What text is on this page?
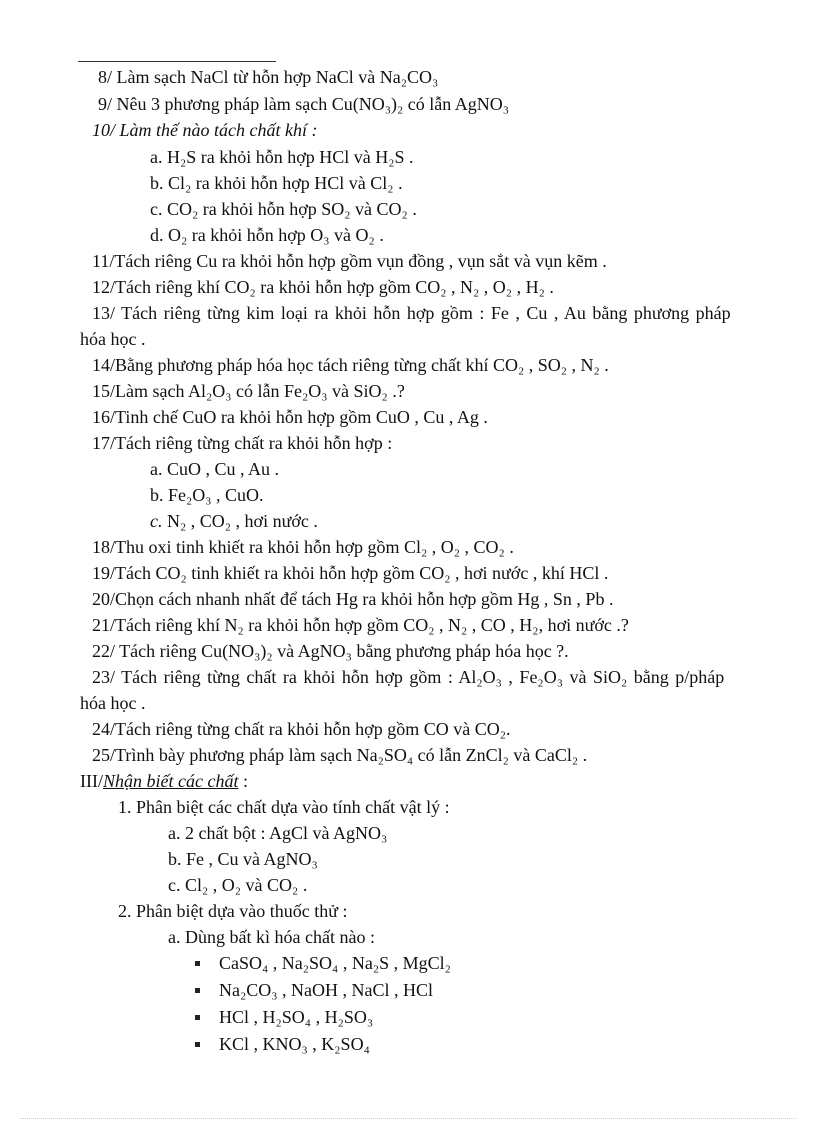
8/ Làm sạch NaCl từ hỗn hợp NaCl và Na₂CO₃
9/ Nêu 3 phương pháp làm sạch Cu(NO₃)₂ có lẫn AgNO₃
10/ Làm thế nào tách chất khí :
a. H₂S ra khỏi hỗn hợp HCl và H₂S .
b. Cl₂ ra khỏi hỗn hợp HCl và Cl₂ .
c. CO₂ ra khỏi hỗn hợp SO₂ và CO₂ .
d. O₂ ra khỏi hỗn hợp O₃ và O₂ .
11/Tách riêng Cu ra khỏi hỗn hợp gồm vụn đồng , vụn sắt và vụn kẽm .
12/Tách riêng khí CO₂ ra khỏi hỗn hợp gồm CO₂ , N₂ , O₂ , H₂ .
13/ Tách riêng từng kim loại ra khỏi hỗn hợp gồm : Fe , Cu , Au bằng phương pháp
hóa học .
14/Bằng phương pháp hóa học tách riêng từng chất khí CO₂ , SO₂ , N₂ .
15/Làm sạch Al₂O₃ có lẫn Fe₂O₃ và SiO₂ .?
16/Tinh chế CuO ra khỏi hỗn hợp gồm CuO , Cu , Ag .
17/Tách riêng từng chất ra khỏi hỗn hợp :
a. CuO , Cu , Au .
b. Fe₂O₃ , CuO.
c. N₂ , CO₂ , hơi nước .
18/Thu oxi tinh khiết ra khỏi hỗn hợp gồm Cl₂ , O₂ , CO₂ .
19/Tách CO₂ tinh khiết ra khỏi hỗn hợp gồm CO₂ , hơi nước , khí HCl .
20/Chọn cách nhanh nhất để tách Hg ra khỏi hỗn hợp gồm Hg , Sn , Pb .
21/Tách riêng khí N₂ ra khỏi hỗn hợp gồm CO₂ , N₂ , CO , H₂, hơi nước .?
22/ Tách riêng Cu(NO₃)₂ và AgNO₃ bằng phương pháp hóa học ?.
23/ Tách riêng từng chất ra khỏi hỗn hợp gồm : Al₂O₃ , Fe₂O₃ và SiO₂ bằng p/pháp
hóa học .
24/Tách riêng từng chất ra khỏi hỗn hợp gồm CO và CO₂.
25/Trình bày phương pháp làm sạch Na₂SO₄ có lẫn ZnCl₂ và CaCl₂ .
III/Nhận biết các chất :
1. Phân biệt các chất dựa vào tính chất vật lý :
a. 2 chất bột : AgCl và AgNO₃
b. Fe , Cu và AgNO₃
c. Cl₂ , O₂ và CO₂ .
2. Phân biệt dựa vào thuốc thử :
a. Dùng bất kì hóa chất nào :
CaSO₄ , Na₂SO₄ , Na₂S , MgCl₂
Na₂CO₃ , NaOH , NaCl , HCl
HCl , H₂SO₄ , H₂SO₃
KCl , KNO₃ , K₂SO₄
